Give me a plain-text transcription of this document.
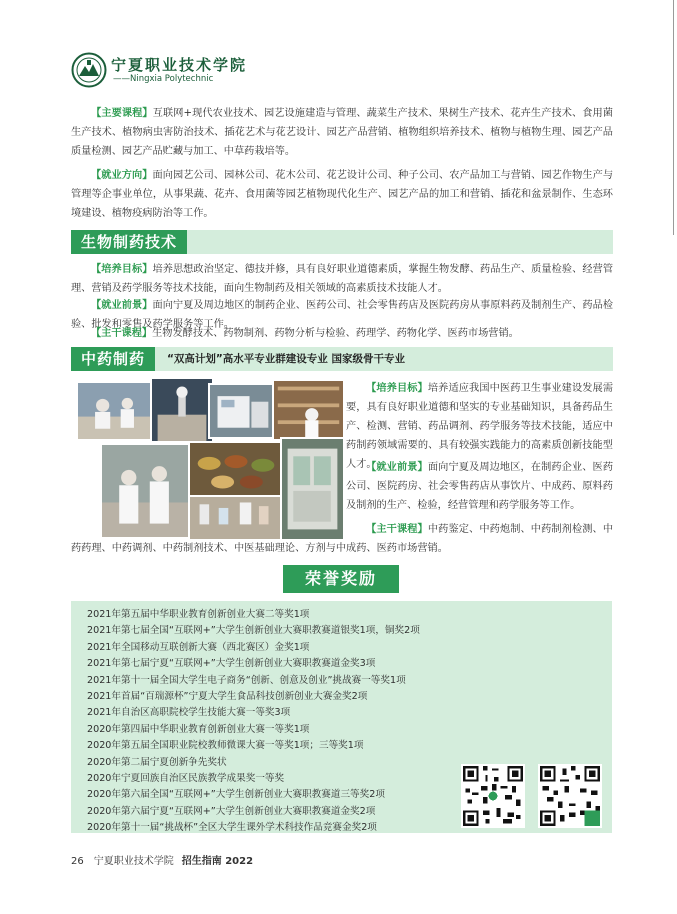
宁夏职业技术学院
——Ningxia Polytechnic
【主要课程】互联网+现代农业技术、园艺设施建造与管理、蔬菜生产技术、果树生产技术、花卉生产技术、食用菌生产技术、植物病虫害防治技术、插花艺术与花艺设计、园艺产品营销、植物组织培养技术、植物与植物生理、园艺产品质量检测、园艺产品贮藏与加工、中草药栽培等。
【就业方向】面向园艺公司、园林公司、花木公司、花艺设计公司、种子公司、农产品加工与营销、园艺作物生产与管理等企事业单位，从事果蔬、花卉、食用菌等园艺植物现代化生产、园艺产品的加工和营销、插花和盆景制作、生态环境建设、植物疫病防治等工作。
生物制药技术
【培养目标】培养思想政治坚定、德技并修，具有良好职业道德素质，掌握生物发酵、药品生产、质量检验、经营管理、营销及药学服务等技术技能，面向生物制药及相关领域的高素质技术技能人才。
【就业前景】面向宁夏及周边地区的制药企业、医药公司、社会零售药店及医院药房从事原料药及制剂生产、药品检验、批发和零售及药学服务等工作。
【主干课程】生物发酵技术、药物制剂、药物分析与检验、药理学、药物化学、医药市场营销。
中药制药	“双高计划”高水平专业群建设专业 国家级骨干专业
【培养目标】培养适应我国中医药卫生事业建设发展需要，具有良好职业道德和坚实的专业基础知识，具备药品生产、检测、营销、药品调剂、药学服务等技术技能，适应中药制药领域需要的、具有较强实践能力的高素质创新技能型人才。
【就业前景】面向宁夏及周边地区，在制药企业、医药公司、医院药房、社会零售药店从事饮片、中成药、原料药及制剂的生产、检验，经营管理和药学服务等工作。
【主干课程】中药鉴定、中药炮制、中药制剂检测、中药药理、中药调剂、中药制剂技术、中医基础理论、方剂与中成药、医药市场营销。
荣誉奖励
2021年第五届中华职业教育创新创业大赛二等奖1项
2021年第七届全国“互联网+”大学生创新创业大赛职教赛道银奖1项，铜奖2项
2021年全国移动互联创新大赛（西北赛区）金奖1项
2021年第七届宁夏“互联网+”大学生创新创业大赛职教赛道金奖3项
2021年第十一届全国大学生电子商务“创新、创意及创业”挑战赛一等奖1项
2021年首届“百瑞源杯”宁夏大学生食品科技创新创业大赛金奖2项
2021年自治区高职院校学生技能大赛一等奖3项
2020年第四届中华职业教育创新创业大赛一等奖1项
2020年第五届全国职业院校教师微课大赛一等奖1项；三等奖1项
2020年第二届宁夏创新争先奖状
2020年宁夏回族自治区民族教学成果奖一等奖
2020年第六届全国“互联网+”大学生创新创业大赛职教赛道三等奖2项
2020年第六届宁夏“互联网+”大学生创新创业大赛职教赛道金奖2项
2020年第十一届“挑战杯”全区大学生课外学术科技作品竞赛金奖2项
26 宁夏职业技术学院 招生指南 2022
